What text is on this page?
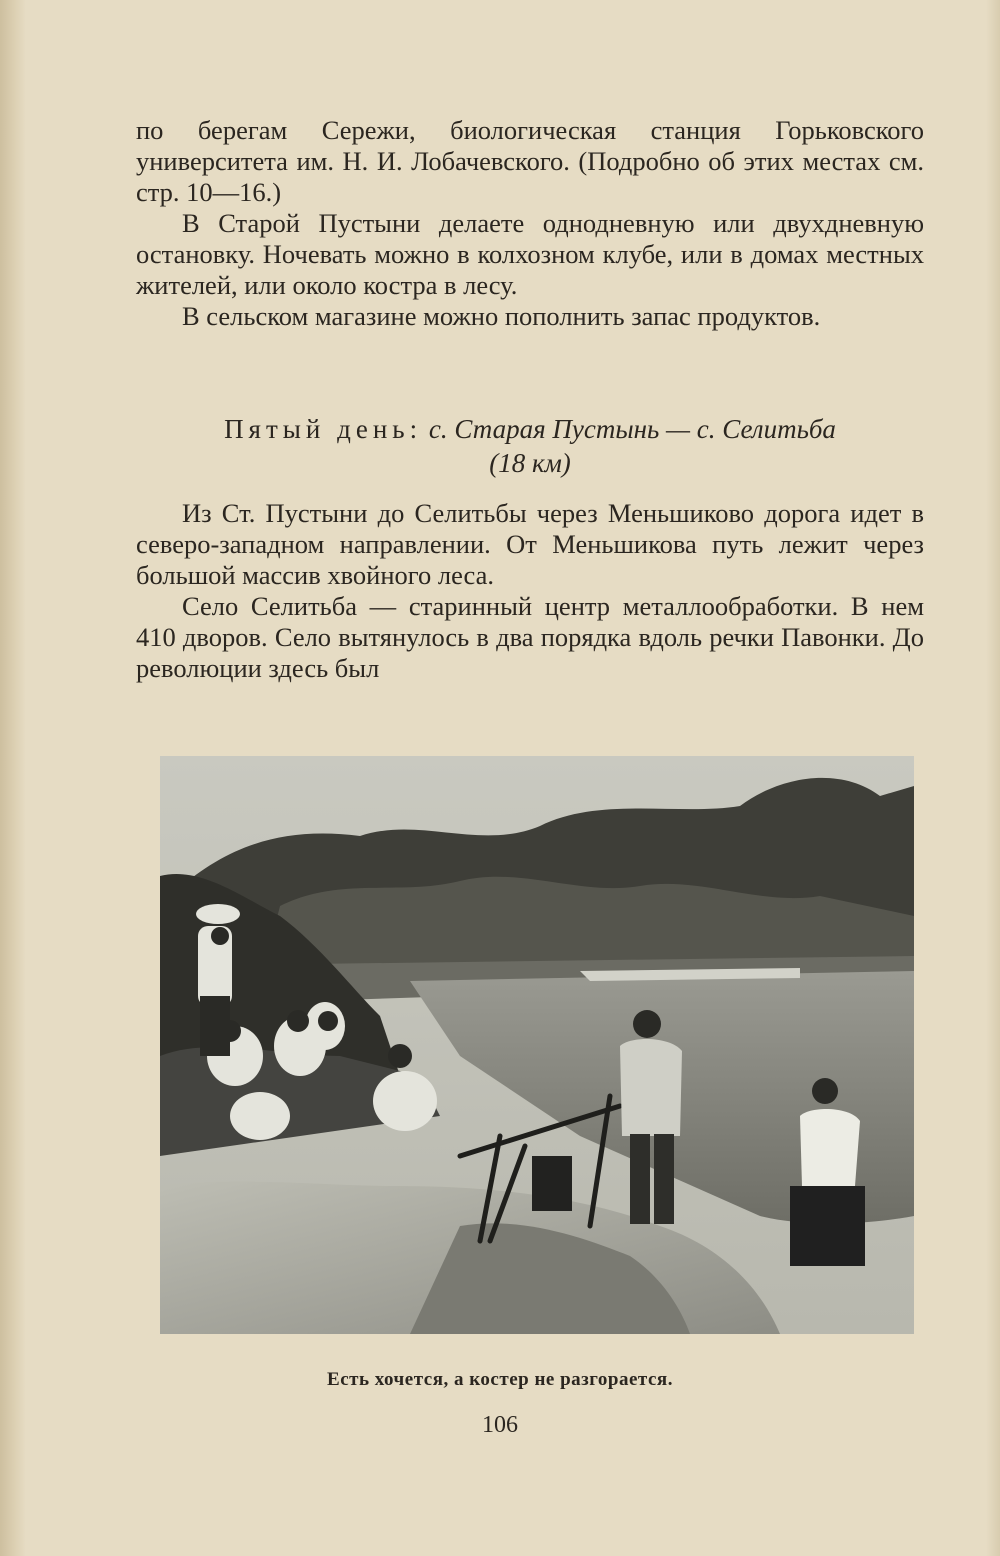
по берегам Сережи, биологическая станция Горьковского университета им. Н. И. Лобачевского. (Подробно об этих местах см. стр. 10—16.)

В Старой Пустыни делаете однодневную или двухдневную остановку. Ночевать можно в колхозном клубе, или в домах местных жителей, или около костра в лесу.

В сельском магазине можно пополнить запас продуктов.

Пятый день: с. Старая Пустынь — с. Селитьба
(18 км)

Из Ст. Пустыни до Селитьбы через Меньшиково дорога идет в северо-западном направлении. От Меньшикова путь лежит через большой массив хвойного леса.

Село Селитьба — старинный центр металлообработки. В нем 410 дворов. Село вытянулось в два порядка вдоль речки Павонки. До революции здесь был

Есть хочется, а костер не разгорается.
106
